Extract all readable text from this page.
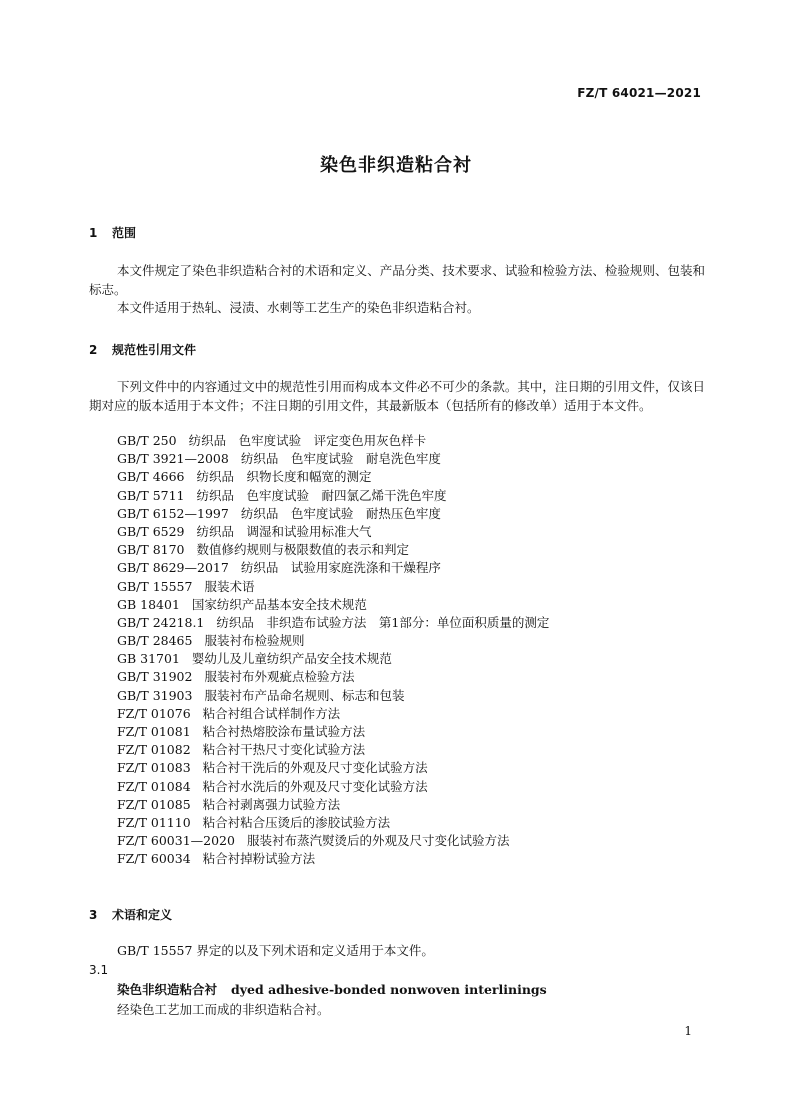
FZ/T 64021—2021
染色非织造粘合衬
1 范围
本文件规定了染色非织造粘合衬的术语和定义、产品分类、技术要求、试验和检验方法、检验规则、包装和标志。
本文件适用于热轧、浸渍、水刺等工艺生产的染色非织造粘合衬。
2 规范性引用文件
下列文件中的内容通过文中的规范性引用而构成本文件必不可少的条款。其中，注日期的引用文件，仅该日期对应的版本适用于本文件；不注日期的引用文件，其最新版本（包括所有的修改单）适用于本文件。
GB/T 250 纺织品　色牢度试验　评定变色用灰色样卡
GB/T 3921—2008 纺织品　色牢度试验　耐皂洗色牢度
GB/T 4666 纺织品　织物长度和幅宽的测定
GB/T 5711 纺织品　色牢度试验　耐四氯乙烯干洗色牢度
GB/T 6152—1997 纺织品　色牢度试验　耐热压色牢度
GB/T 6529 纺织品　调湿和试验用标准大气
GB/T 8170 数值修约规则与极限数值的表示和判定
GB/T 8629—2017 纺织品　试验用家庭洗涤和干燥程序
GB/T 15557 服装术语
GB 18401 国家纺织产品基本安全技术规范
GB/T 24218.1 纺织品　非织造布试验方法　第1部分：单位面积质量的测定
GB/T 28465 服装衬布检验规则
GB 31701 婴幼儿及儿童纺织产品安全技术规范
GB/T 31902 服装衬布外观疵点检验方法
GB/T 31903 服装衬布产品命名规则、标志和包装
FZ/T 01076 粘合衬组合试样制作方法
FZ/T 01081 粘合衬热熔胶涂布量试验方法
FZ/T 01082 粘合衬干热尺寸变化试验方法
FZ/T 01083 粘合衬干洗后的外观及尺寸变化试验方法
FZ/T 01084 粘合衬水洗后的外观及尺寸变化试验方法
FZ/T 01085 粘合衬剥离强力试验方法
FZ/T 01110 粘合衬粘合压烫后的渗胶试验方法
FZ/T 60031—2020 服装衬布蒸汽熨烫后的外观及尺寸变化试验方法
FZ/T 60034 粘合衬掉粉试验方法
3 术语和定义
GB/T 15557 界定的以及下列术语和定义适用于本文件。
3.1
染色非织造粘合衬 dyed adhesive-bonded nonwoven interlinings
经染色工艺加工而成的非织造粘合衬。
1
